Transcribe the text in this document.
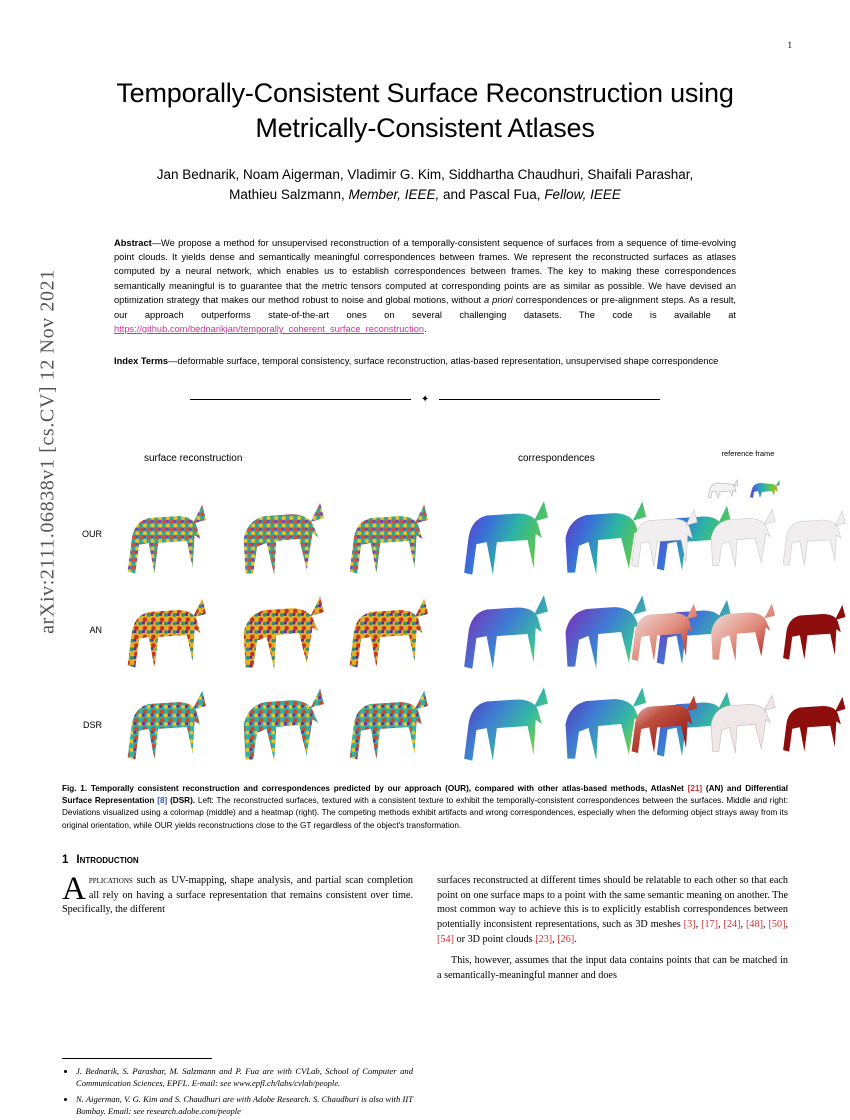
arXiv:2111.06838v1 [cs.CV] 12 Nov 2021
1
Temporally-Consistent Surface Reconstruction using Metrically-Consistent Atlases
Jan Bednarik, Noam Aigerman, Vladimir G. Kim, Siddhartha Chaudhuri, Shaifali Parashar,
Mathieu Salzmann, Member, IEEE, and Pascal Fua, Fellow, IEEE
Abstract—We propose a method for unsupervised reconstruction of a temporally-consistent sequence of surfaces from a sequence of time-evolving point clouds. It yields dense and semantically meaningful correspondences between frames. We represent the reconstructed surfaces as atlases computed by a neural network, which enables us to establish correspondences between frames. The key to making these correspondences semantically meaningful is to guarantee that the metric tensors computed at corresponding points are as similar as possible. We have devised an optimization strategy that makes our method robust to noise and global motions, without a priori correspondences or pre-alignment steps. As a result, our approach outperforms state-of-the-art ones on several challenging datasets. The code is available at https://github.com/bednarikjan/temporally_coherent_surface_reconstruction.
Index Terms—deformable surface, temporal consistency, surface reconstruction, atlas-based representation, unsupervised shape correspondence
✦
surface reconstruction	correspondences	reference frame
OUR
AN
DSR
Fig. 1. Temporally consistent reconstruction and correspondences predicted by our approach (OUR), compared with other atlas-based methods, AtlasNet [21] (AN) and Differential Surface Representation [8] (DSR). Left: The reconstructed surfaces, textured with a consistent texture to exhibit the temporally-consistent correspondences between the surfaces. Middle and right: Deviations visualized using a colormap (middle) and a heatmap (right). The competing methods exhibit artifacts and wrong correspondences, especially when the deforming object strays away from its original orientation, while OUR yields reconstructions close to the GT regardless of the object's transformation.
1 Introduction

Applications such as UV-mapping, shape analysis, and partial scan completion all rely on having a surface representation that remains consistent over time. Specifically, the different

• J. Bednarik, S. Parashar, M. Salzmann and P. Fua are with CVLab, School of Computer and Communication Sciences, EPFL. E-mail: see www.epfl.ch/labs/cvlab/people.
• N. Aigerman, V. G. Kim and S. Chaudhuri are with Adobe Research. S. Chaudhuri is also with IIT Bombay. Email: see research.adobe.com/people

surfaces reconstructed at different times should be relatable to each other so that each point on one surface maps to a point with the same semantic meaning on another. The most common way to achieve this is to explicitly establish correspondences between potentially inconsistent representations, such as 3D meshes [3], [17], [24], [48], [50], [54] or 3D point clouds [23], [26].

This, however, assumes that the input data contains points that can be matched in a semantically-meaningful manner and does
